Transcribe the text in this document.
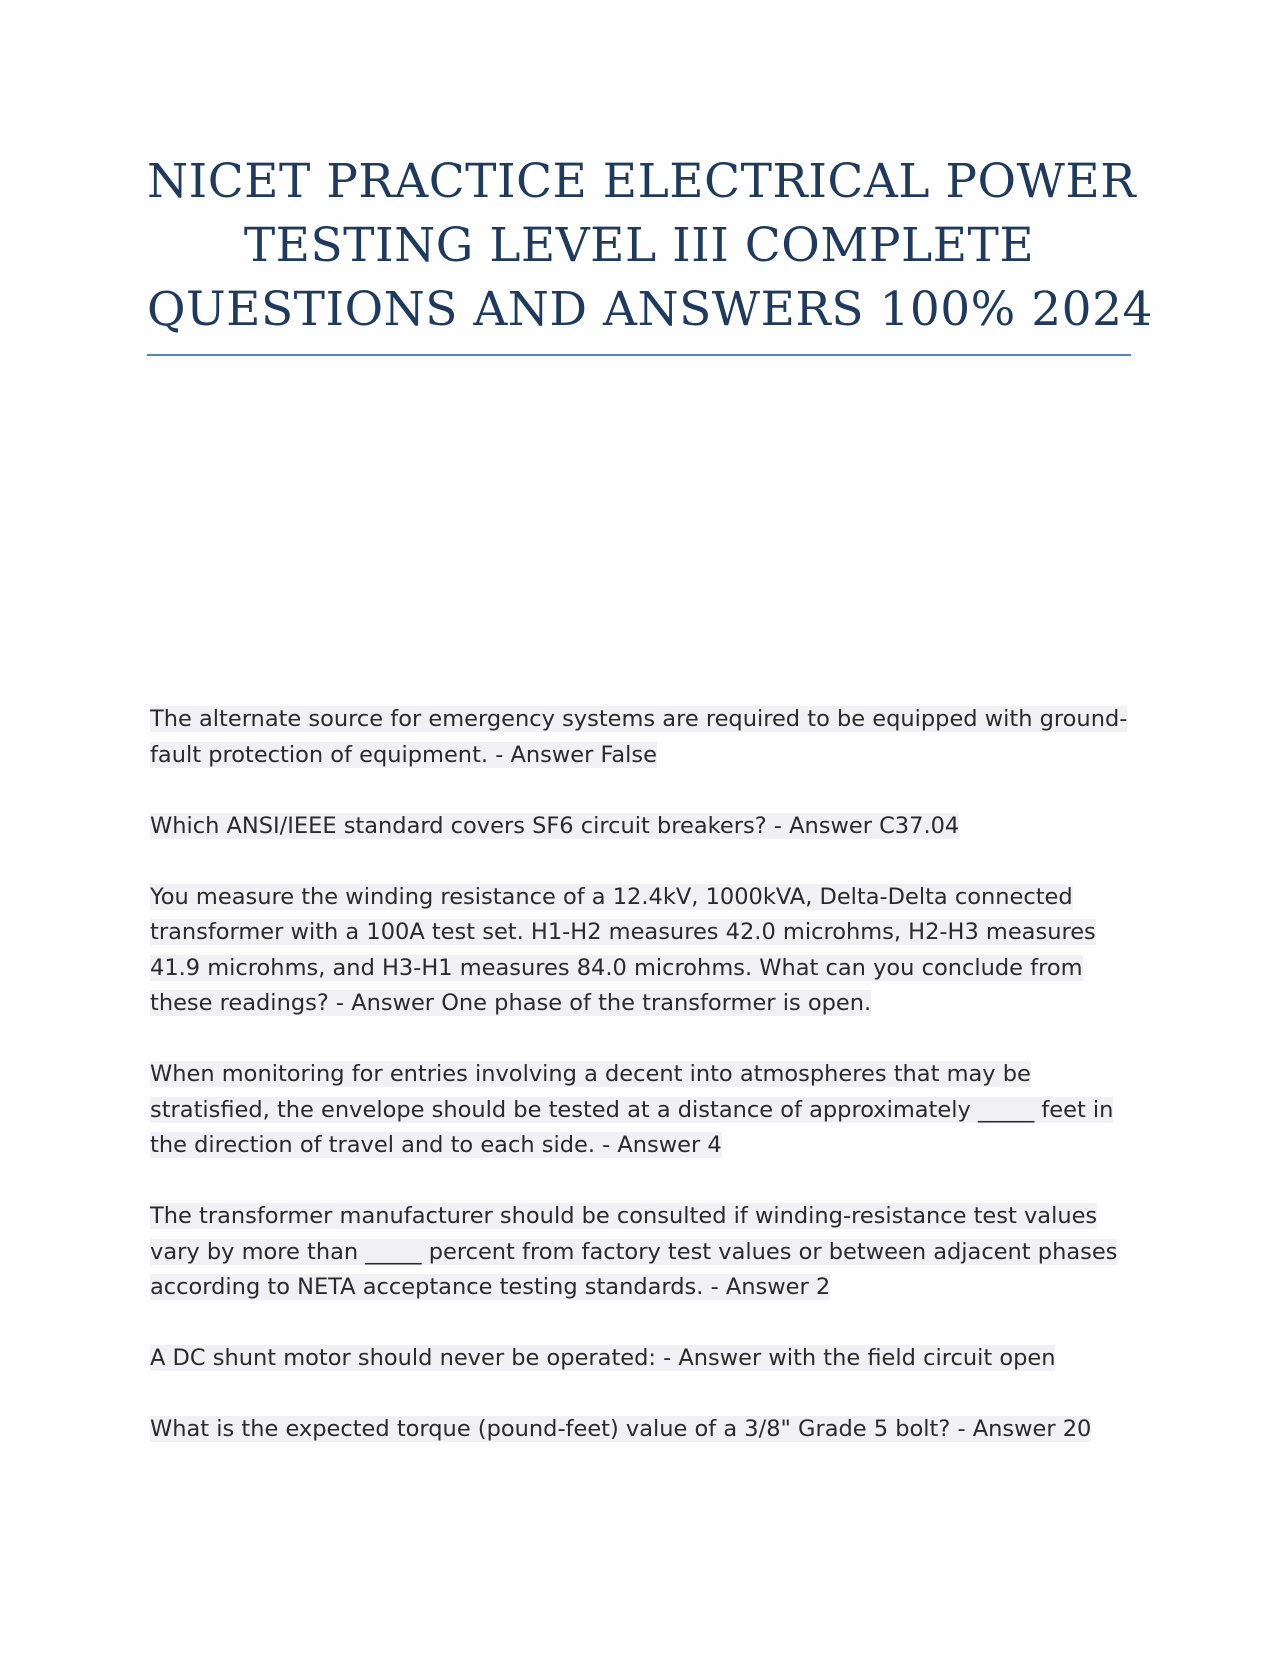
NICET PRACTICE ELECTRICAL POWER
TESTING LEVEL III COMPLETE
QUESTIONS AND ANSWERS 100% 2024

The alternate source for emergency systems are required to be equipped with ground-fault protection of equipment. - Answer False

Which ANSI/IEEE standard covers SF6 circuit breakers? - Answer C37.04

You measure the winding resistance of a 12.4kV, 1000kVA, Delta-Delta connected transformer with a 100A test set. H1-H2 measures 42.0 microhms, H2-H3 measures 41.9 microhms, and H3-H1 measures 84.0 microhms. What can you conclude from these readings? - Answer One phase of the transformer is open.

When monitoring for entries involving a decent into atmospheres that may be stratisfied, the envelope should be tested at a distance of approximately _____ feet in the direction of travel and to each side. - Answer 4

The transformer manufacturer should be consulted if winding-resistance test values vary by more than _____ percent from factory test values or between adjacent phases according to NETA acceptance testing standards. - Answer 2

A DC shunt motor should never be operated: - Answer with the field circuit open

What is the expected torque (pound-feet) value of a 3/8" Grade 5 bolt? - Answer 20
